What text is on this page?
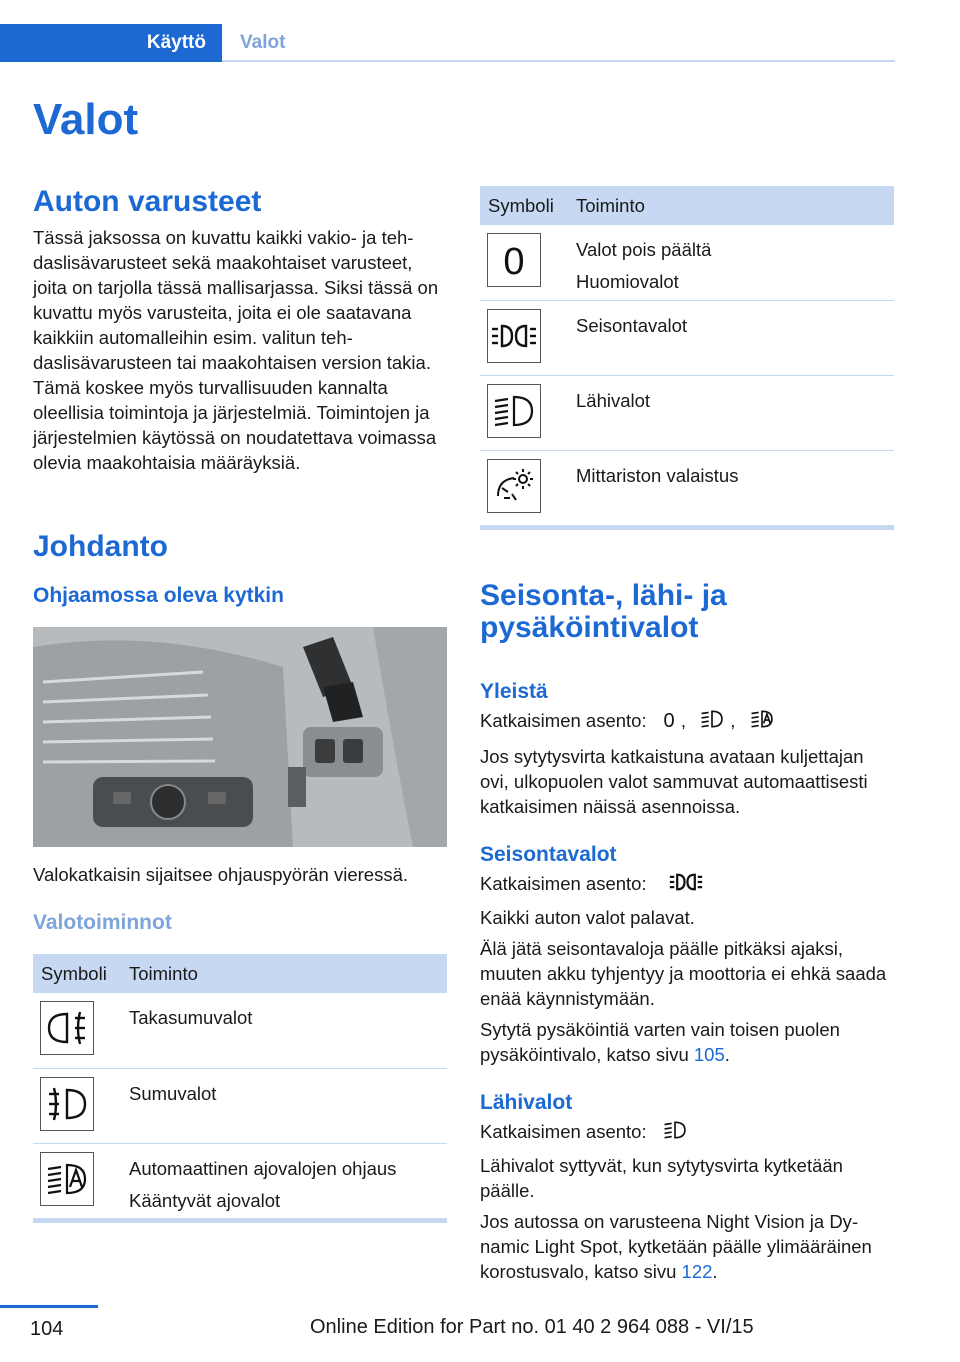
Käyttö	Valot
Valot
Auton varusteet

Tässä jaksossa on kuvattu kaikki vakio- ja tehdaslisävarusteet sekä maakohtaiset varusteet, joita on tarjolla tässä mallisarjassa. Siksi tässä on kuvattu myös varusteita, joita ei ole saatavana kaikkiin automalleihin esim. valitun tehdaslisävarusteen tai maakohtaisen version takia. Tämä koskee myös turvallisuuden kannalta oleellisia toimintoja ja järjestelmiä. Toimintojen ja järjestelmien käytössä on noudatettava voimassa olevia maakohtaisia määräyksiä.

Johdanto
Ohjaamossa oleva kytkin

Valokatkaisin sijaitsee ohjauspyörän vieressä.

Valotoiminnot
Symboli	Toiminto

Takasumuvalot

Sumuvalot

Automaattinen ajovalojen ohjaus
Kääntyvät ajovalot
Symboli	Toiminto

0	Valot pois päältä
Huomiovalot

Seisontavalot

Lähivalot

Mittariston valaistus
Seisonta-, lähi- ja pysäköintivalot
Yleistä

Katkaisimen asento: 0 , ,

Jos sytytysvirta katkaistuna avataan kuljettajan ovi, ulkopuolen valot sammuvat automaattisesti katkaisimen näissä asennoissa.

Seisontavalot

Katkaisimen asento:

Kaikki auton valot palavat.

Älä jätä seisontavaloja päälle pitkäksi ajaksi, muuten akku tyhjentyy ja moottoria ei ehkä saada enää käynnistymään.

Sytytä pysäköintiä varten vain toisen puolen pysäköintivalo, katso sivu 105.

Lähivalot

Katkaisimen asento:

Lähivalot syttyvät, kun sytytysvirta kytketään päälle.

Jos autossa on varusteena Night Vision ja Dynamic Light Spot, kytketään päälle ylimääräinen korostusvalo, katso sivu 122.

104	Online Edition for Part no. 01 40 2 964 088 - VI/15
